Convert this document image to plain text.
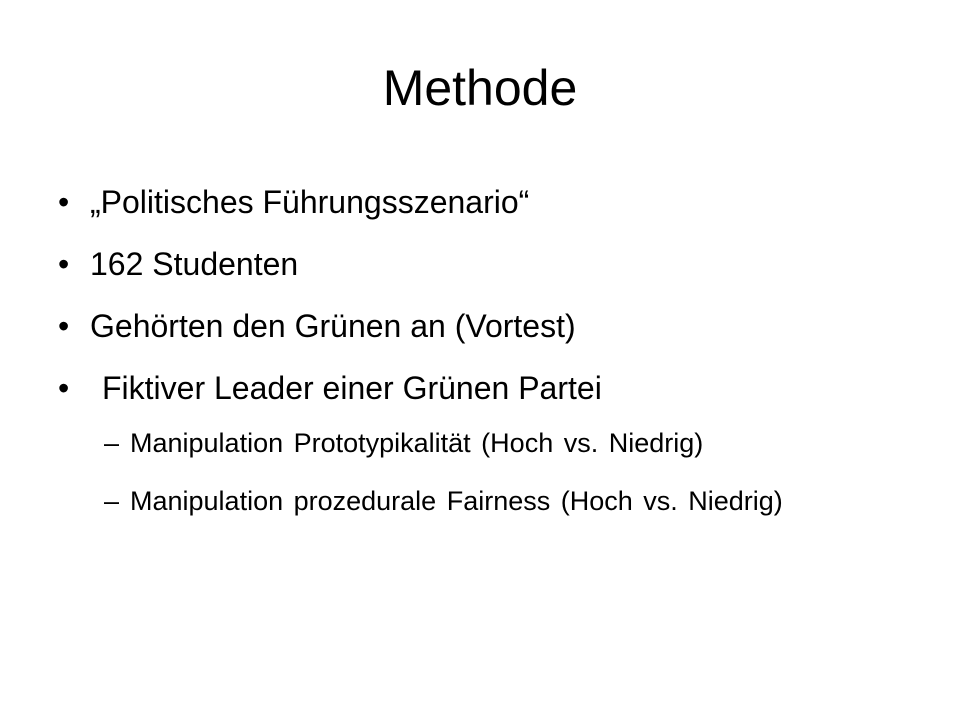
Methode
• „Politisches Führungsszenario“
• 162 Studenten
• Gehörten den Grünen an (Vortest)
• Fiktiver Leader einer Grünen Partei
– Manipulation Prototypikalität (Hoch vs. Niedrig)
– Manipulation prozedurale Fairness (Hoch vs. Niedrig)
